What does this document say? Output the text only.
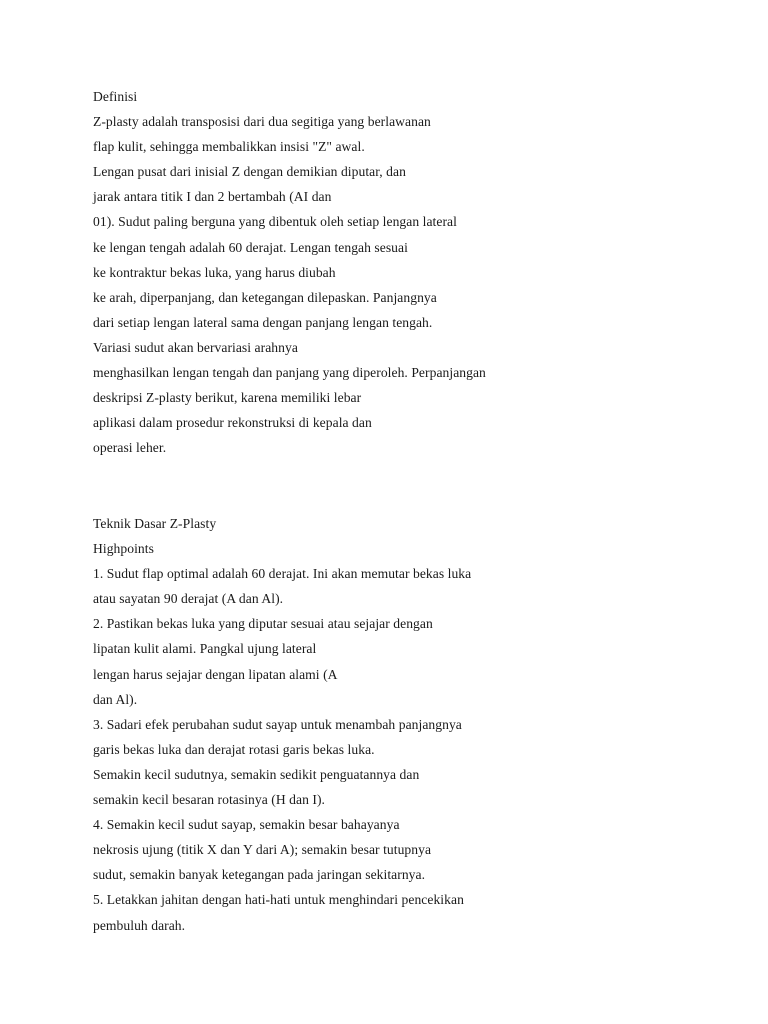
Definisi
Z-plasty adalah transposisi dari dua segitiga yang berlawanan
flap kulit, sehingga membalikkan insisi "Z" awal.
Lengan pusat dari inisial Z dengan demikian diputar, dan
jarak antara titik I dan 2 bertambah (AI dan
01). Sudut paling berguna yang dibentuk oleh setiap lengan lateral
ke lengan tengah adalah 60 derajat. Lengan tengah sesuai
ke kontraktur bekas luka, yang harus diubah
ke arah, diperpanjang, dan ketegangan dilepaskan. Panjangnya
dari setiap lengan lateral sama dengan panjang lengan tengah.
Variasi sudut akan bervariasi arahnya
menghasilkan lengan tengah dan panjang yang diperoleh. Perpanjangan
deskripsi Z-plasty berikut, karena memiliki lebar
aplikasi dalam prosedur rekonstruksi di kepala dan
operasi leher.
Teknik Dasar Z-Plasty
Highpoints
1. Sudut flap optimal adalah 60 derajat. Ini akan memutar bekas luka
atau sayatan 90 derajat (A dan Al).
2. Pastikan bekas luka yang diputar sesuai atau sejajar dengan
lipatan kulit alami. Pangkal ujung lateral
lengan harus sejajar dengan lipatan alami (A
dan Al).
3. Sadari efek perubahan sudut sayap untuk menambah panjangnya
garis bekas luka dan derajat rotasi garis bekas luka.
Semakin kecil sudutnya, semakin sedikit penguatannya dan
semakin kecil besaran rotasinya (H dan I).
4. Semakin kecil sudut sayap, semakin besar bahayanya
nekrosis ujung (titik X dan Y dari A); semakin besar tutupnya
sudut, semakin banyak ketegangan pada jaringan sekitarnya.
5. Letakkan jahitan dengan hati-hati untuk menghindari pencekikan
pembuluh darah.
